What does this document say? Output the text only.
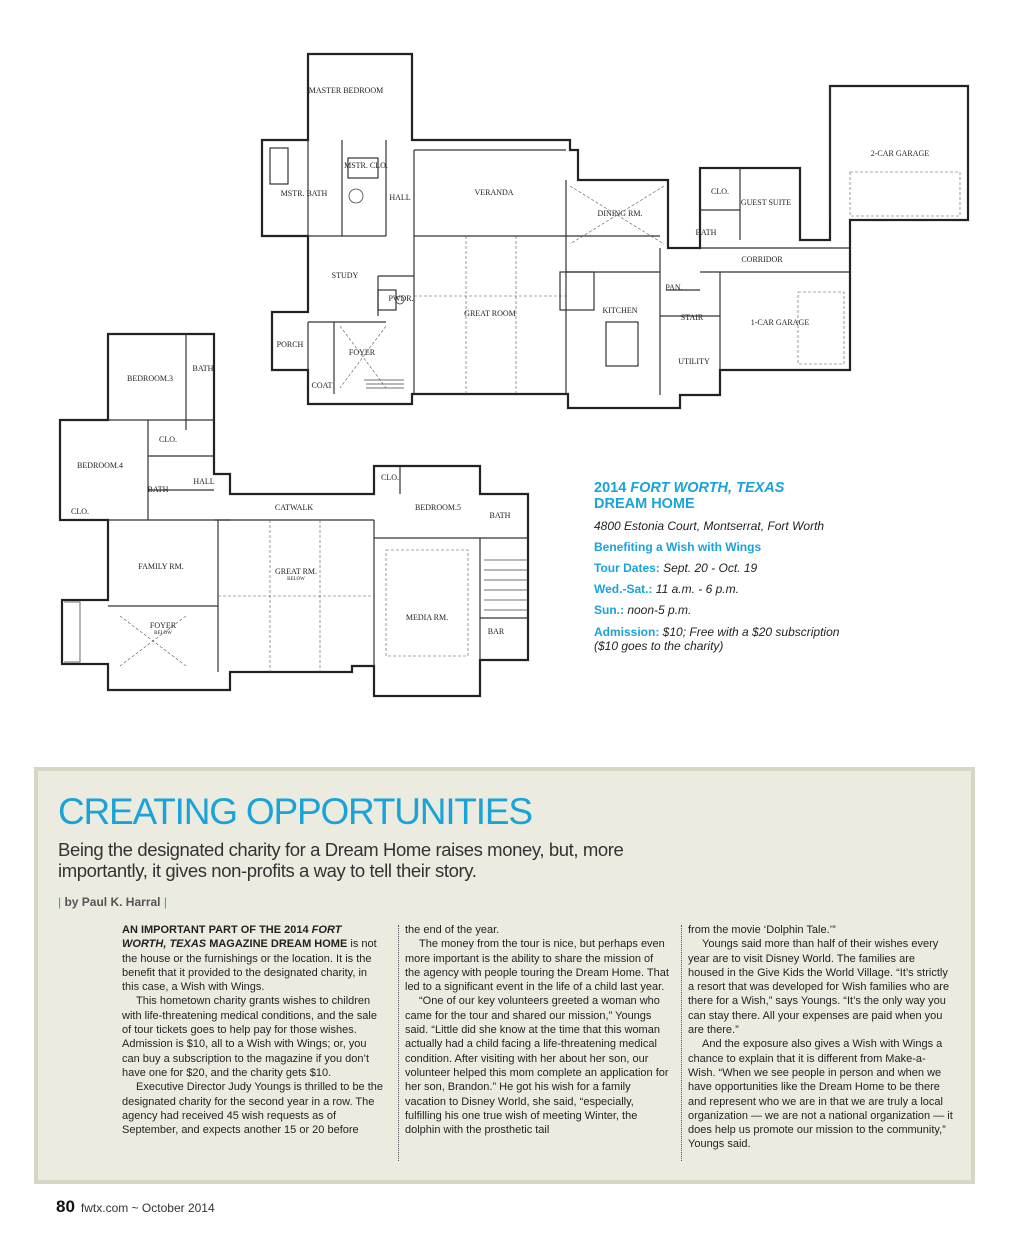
MASTER BEDROOM
MSTR. CLO.
MSTR. BATH	HALL
VERANDA
2-CAR GARAGE
DINING RM.
CLO.
GUEST SUITE
BATH
CORRIDOR
STUDY
PWDR.
GREAT ROOM	KITCHEN
PAN.
STAIR
1-CAR GARAGE
PORCH
FOYER
COAT
UTILITY
BEDROOM.3
BATH
CLO.
BEDROOM.4
HALL
BATH
CLO.	CATWALK
CLO.
BEDROOM.5
BATH
FAMILY RM.
GREAT RM.
BELOW
MEDIA RM.
BAR
FOYER
BELOW
2014 FORT WORTH, TEXAS
DREAM HOME
4800 Estonia Court, Montserrat, Fort Worth
Benefiting a Wish with Wings
Tour Dates: Sept. 20 - Oct. 19
Wed.-Sat.: 11 a.m. - 6 p.m.
Sun.: noon-5 p.m.
Admission: $10; Free with a $20 subscription
($10 goes to the charity)
CREATING OPPORTUNITIES
Being the designated charity for a Dream Home raises money, but, more importantly, it gives non-profits a way to tell their story.
| by Paul K. Harral |

AN IMPORTANT PART OF THE 2014 FORT WORTH, TEXAS MAGAZINE DREAM HOME is not the house or the furnishings or the location. It is the benefit that it provided to the designated charity, in this case, a Wish with Wings.

This hometown charity grants wishes to children with life-threatening medical conditions, and the sale of tour tickets goes to help pay for those wishes. Admission is $10, all to a Wish with Wings; or, you can buy a subscription to the magazine if you don’t have one for $20, and the charity gets $10.

Executive Director Judy Youngs is thrilled to be the designated charity for the second year in a row. The agency had received 45 wish requests as of September, and expects another 15 or 20 before

the end of the year.

The money from the tour is nice, but perhaps even more important is the ability to share the mission of the agency with people touring the Dream Home. That led to a significant event in the life of a child last year.

“One of our key volunteers greeted a woman who came for the tour and shared our mission,” Youngs said. “Little did she know at the time that this woman actually had a child facing a life-threatening medical condition. After visiting with her about her son, our volunteer helped this mom complete an application for her son, Brandon.” He got his wish for a family vacation to Disney World, she said, “especially, fulfilling his one true wish of meeting Winter, the dolphin with the prosthetic tail

from the movie ‘Dolphin Tale.’”

Youngs said more than half of their wishes every year are to visit Disney World. The families are housed in the Give Kids the World Village. “It’s strictly a resort that was developed for Wish families who are there for a Wish,” says Youngs. “It’s the only way you can stay there. All your expenses are paid when you are there.”

And the exposure also gives a Wish with Wings a chance to explain that it is different from Make-a-Wish. “When we see people in person and when we have opportunities like the Dream Home to be there and represent who we are in that we are truly a local organization — we are not a national organization — it does help us promote our mission to the community,” Youngs said.

80 fwtx.com ~ October 2014
